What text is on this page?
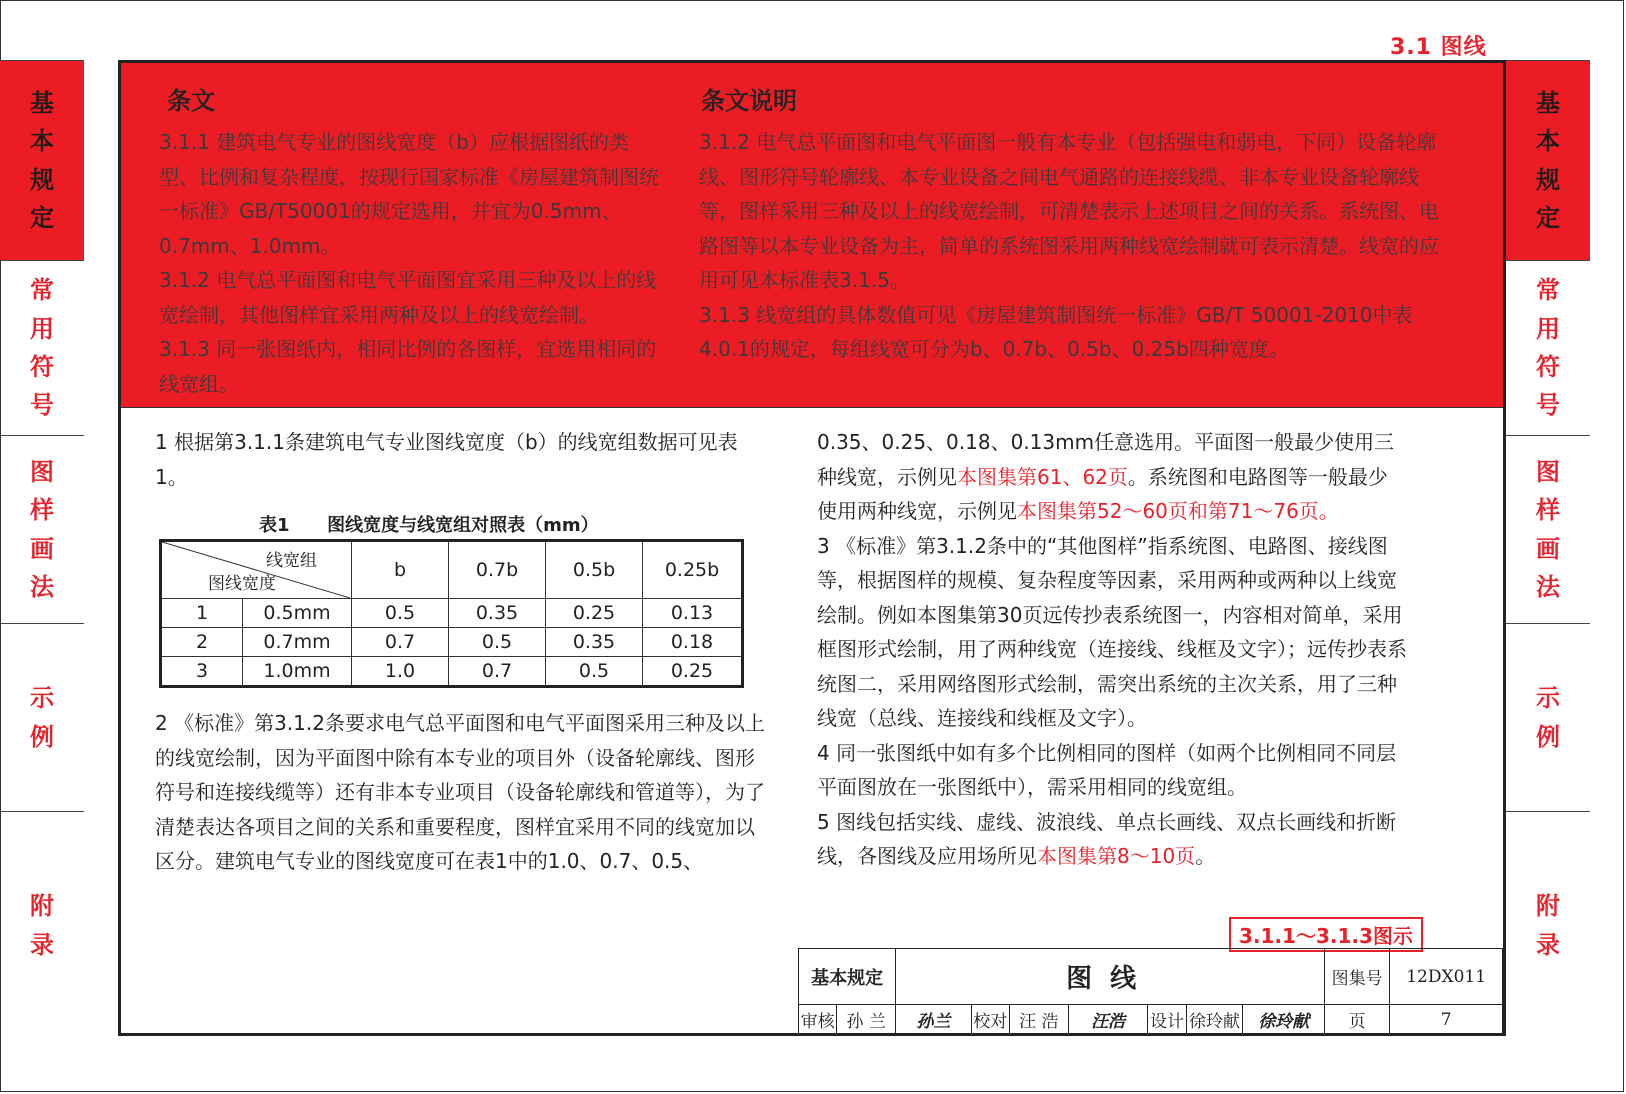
3.1 图线
基
本
规
定
常
用
符
号
图
样
画
法
示
例
附
录
基
本
规
定
常
用
符
号
图
样
画
法
示
例
附
录
条文	条文说明

3.1.1 建筑电气专业的图线宽度（b）应根据图纸的类型、比例和复杂程度，按现行国家标准《房屋建筑制图统一标准》GB/T50001的规定选用，并宜为0.5mm、0.7mm、1.0mm。

3.1.2 电气总平面图和电气平面图宜采用三种及以上的线宽绘制，其他图样宜采用两种及以上的线宽绘制。

3.1.3 同一张图纸内，相同比例的各图样，宜选用相同的线宽组。

3.1.2 电气总平面图和电气平面图一般有本专业（包括强电和弱电，下同）设备轮廓线、图形符号轮廓线、本专业设备之间电气通路的连接线缆、非本专业设备轮廓线等，图样采用三种及以上的线宽绘制，可清楚表示上述项目之间的关系。系统图、电路图等以本专业设备为主，简单的系统图采用两种线宽绘制就可表示清楚。线宽的应用可见本标准表3.1.5。

3.1.3 线宽组的具体数值可见《房屋建筑制图统一标准》GB/T 50001-2010中表4.0.1的规定，每组线宽可分为b、0.7b、0.5b、0.25b四种宽度。

1 根据第3.1.1条建筑电气专业图线宽度（b）的线宽组数据可见表1。

表1      图线宽度与线宽组对照表（mm）
线宽组
图线宽度		b	0.7b	0.5b	0.25b
1	0.5mm	0.5	0.35	0.25	0.13
2	0.7mm	0.7	0.5	0.35	0.18
3	1.0mm	1.0	0.7	0.5	0.25

2 《标准》第3.1.2条要求电气总平面图和电气平面图采用三种及以上的线宽绘制，因为平面图中除有本专业的项目外（设备轮廓线、图形符号和连接线缆等）还有非本专业项目（设备轮廓线和管道等），为了清楚表达各项目之间的关系和重要程度，图样宜采用不同的线宽加以区分。建筑电气专业的图线宽度可在表1中的1.0、0.7、0.5、

0.35、0.25、0.18、0.13mm任意选用。平面图一般最少使用三种线宽，示例见本图集第61、62页。系统图和电路图等一般最少使用两种线宽，示例见本图集第52～60页和第71～76页。

3 《标准》第3.1.2条中的“其他图样”指系统图、电路图、接线图等，根据图样的规模、复杂程度等因素，采用两种或两种以上线宽绘制。例如本图集第30页远传抄表系统图一，内容相对简单，采用框图形式绘制，用了两种线宽（连接线、线框及文字）；远传抄表系统图二，采用网络图形式绘制，需突出系统的主次关系，用了三种线宽（总线、连接线和线框及文字）。

4 同一张图纸中如有多个比例相同的图样（如两个比例相同不同层平面图放在一张图纸中），需采用相同的线宽组。

5 图线包括实线、虚线、波浪线、单点长画线、双点长画线和折断线，各图线及应用场所见本图集第8～10页。

3.1.1～3.1.3图示
基本规定		图线							图集号	12DX011
审核	孙 兰	孙兰	校对	汪 浩	汪浩	设计	徐玲献	徐玲献	页	7
